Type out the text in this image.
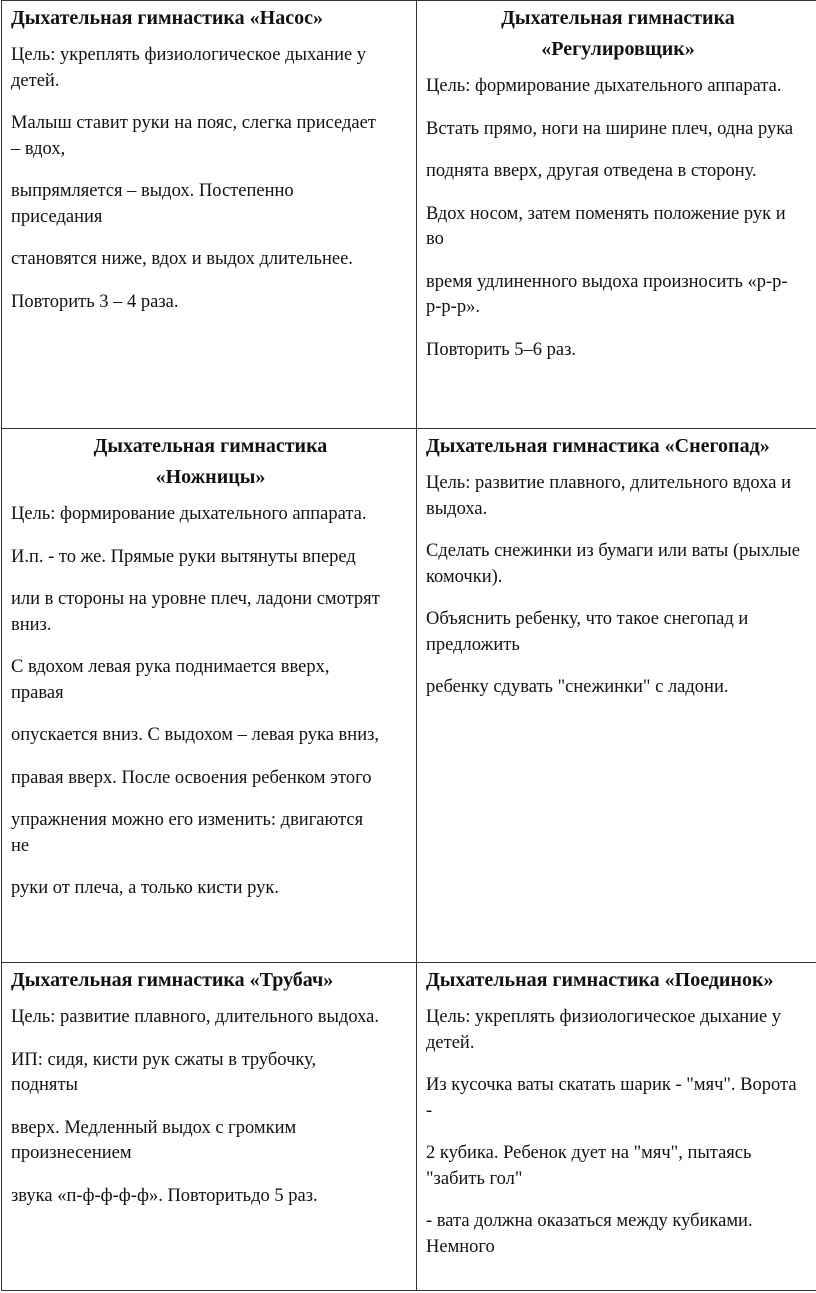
Дыхательная гимнастика «Насос»
Цель: укреплять физиологическое дыхание у
детей.
Малыш ставит руки на пояс, слегка приседает
– вдох,
выпрямляется – выдох. Постепенно
приседания
становятся ниже, вдох и выдох длительнее.
Повторить 3 – 4 раза.
Дыхательная гимнастика
«Регулировщик»
Цель: формирование дыхательного аппарата.
Встать прямо, ноги на ширине плеч, одна рука
поднята вверх, другая отведена в сторону.
Вдох носом, затем поменять положение рук и
во
время удлиненного выдоха произносить «р-р-
р-р-р».
Повторить 5–6 раз.
Дыхательная гимнастика
«Ножницы»
Цель: формирование дыхательного аппарата.
И.п. - то же. Прямые руки вытянуты вперед
или в стороны на уровне плеч, ладони смотрят
вниз.
С вдохом левая рука поднимается вверх,
правая
опускается вниз. С выдохом – левая рука вниз,
правая вверх. После освоения ребенком этого
упражнения можно его изменить: двигаются
не
руки от плеча, а только кисти рук.
Дыхательная гимнастика «Снегопад»
Цель: развитие плавного, длительного вдоха и
выдоха.
Сделать снежинки из бумаги или ваты (рыхлые
комочки).
Объяснить ребенку, что такое снегопад и
предложить
ребенку сдувать "снежинки" с ладони.
Дыхательная гимнастика «Трубач»
Цель: развитие плавного, длительного выдоха.
ИП: сидя, кисти рук сжаты в трубочку,
подняты
вверх. Медленный выдох с громким
произнесением
звука «п-ф-ф-ф-ф». Повторитьдо 5 раз.
Дыхательная гимнастика «Поединок»
Цель: укреплять физиологическое дыхание у
детей.
Из кусочка ваты скатать шарик - "мяч". Ворота
-
2 кубика. Ребенок дует на "мяч", пытаясь
"забить гол"
- вата должна оказаться между кубиками.
Немного
